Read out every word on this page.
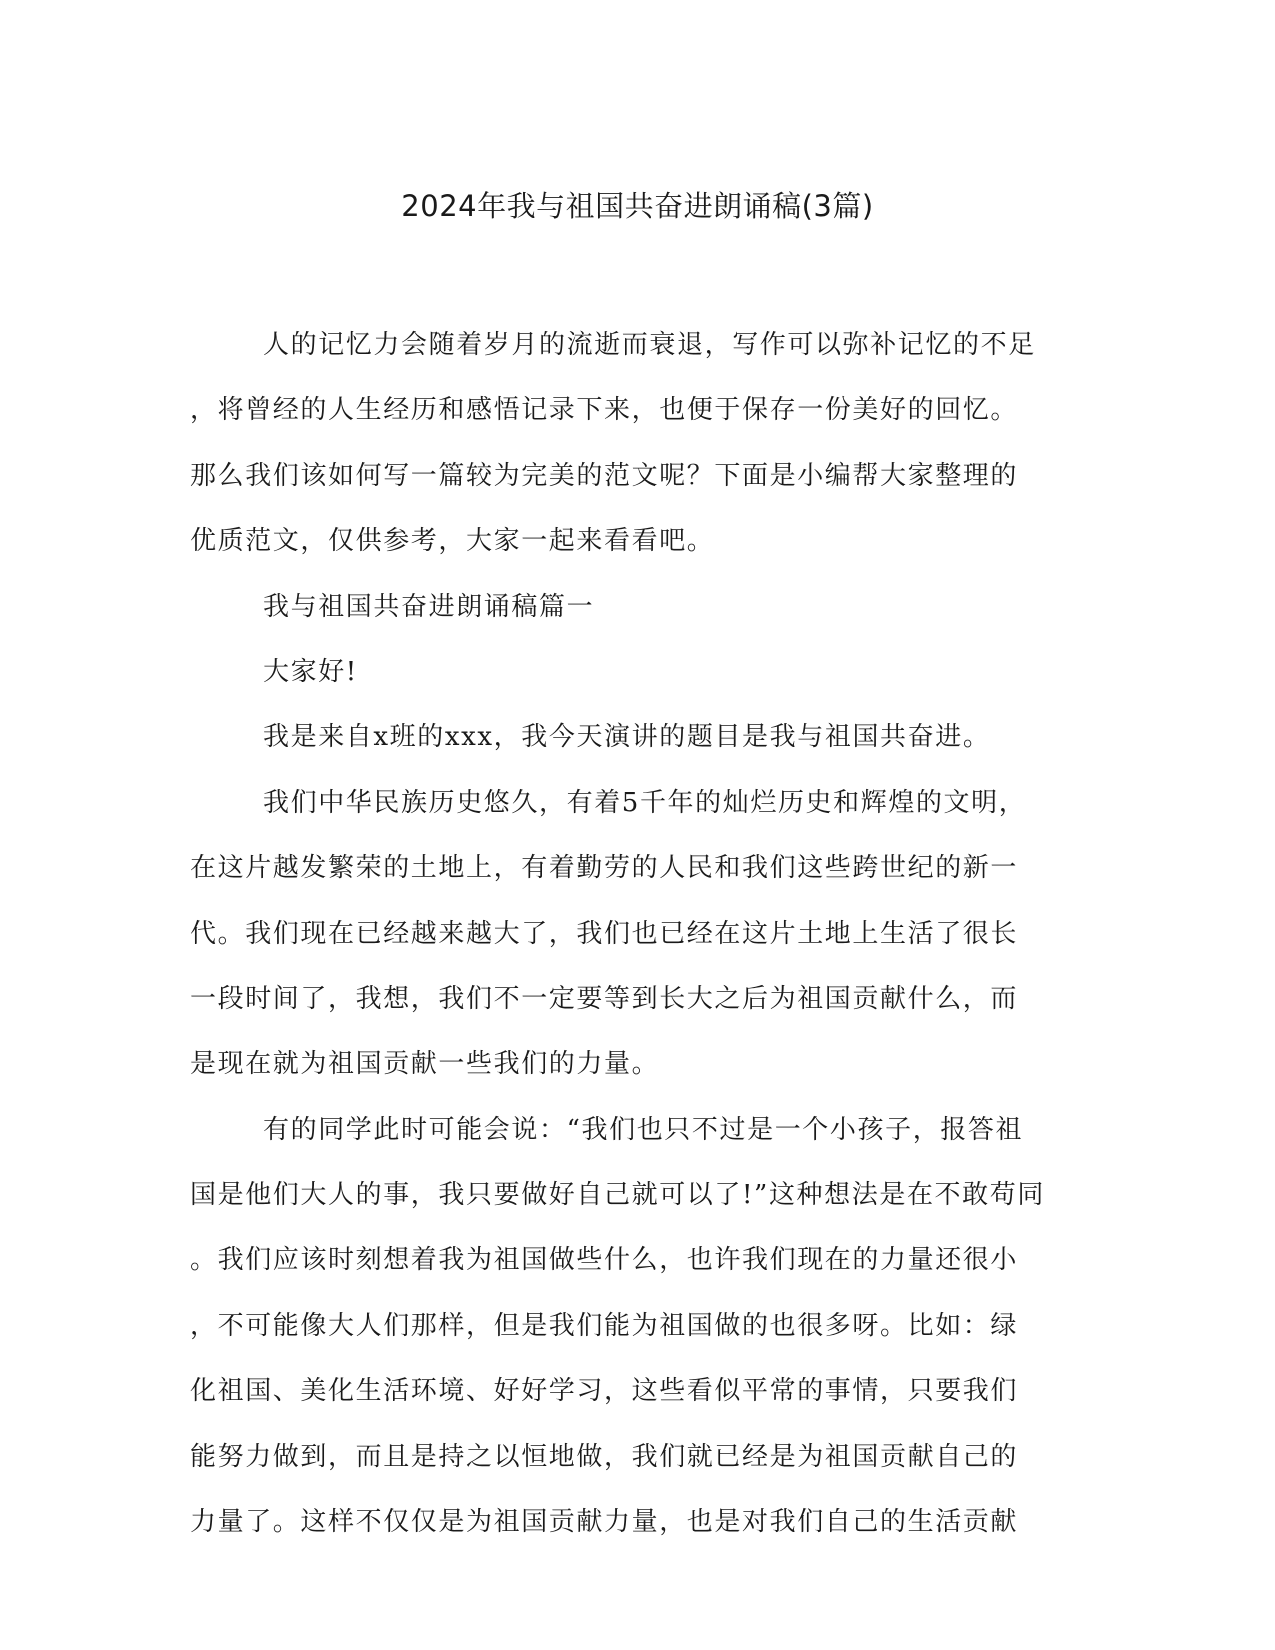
2024年我与祖国共奋进朗诵稿(3篇)
人的记忆力会随着岁月的流逝而衰退，写作可以弥补记忆的不足
，将曾经的人生经历和感悟记录下来，也便于保存一份美好的回忆。
那么我们该如何写一篇较为完美的范文呢？下面是小编帮大家整理的
优质范文，仅供参考，大家一起来看看吧。
我与祖国共奋进朗诵稿篇一
大家好!
我是来自x班的xxx，我今天演讲的题目是我与祖国共奋进。
我们中华民族历史悠久，有着5千年的灿烂历史和辉煌的文明，
在这片越发繁荣的土地上，有着勤劳的人民和我们这些跨世纪的新一
代。我们现在已经越来越大了，我们也已经在这片土地上生活了很长
一段时间了，我想，我们不一定要等到长大之后为祖国贡献什么，而
是现在就为祖国贡献一些我们的力量。
有的同学此时可能会说：“我们也只不过是一个小孩子，报答祖
国是他们大人的事，我只要做好自己就可以了!”这种想法是在不敢苟同
。我们应该时刻想着我为祖国做些什么，也许我们现在的力量还很小
，不可能像大人们那样，但是我们能为祖国做的也很多呀。比如：绿
化祖国、美化生活环境、好好学习，这些看似平常的事情，只要我们
能努力做到，而且是持之以恒地做，我们就已经是为祖国贡献自己的
力量了。这样不仅仅是为祖国贡献力量，也是对我们自己的生活贡献
